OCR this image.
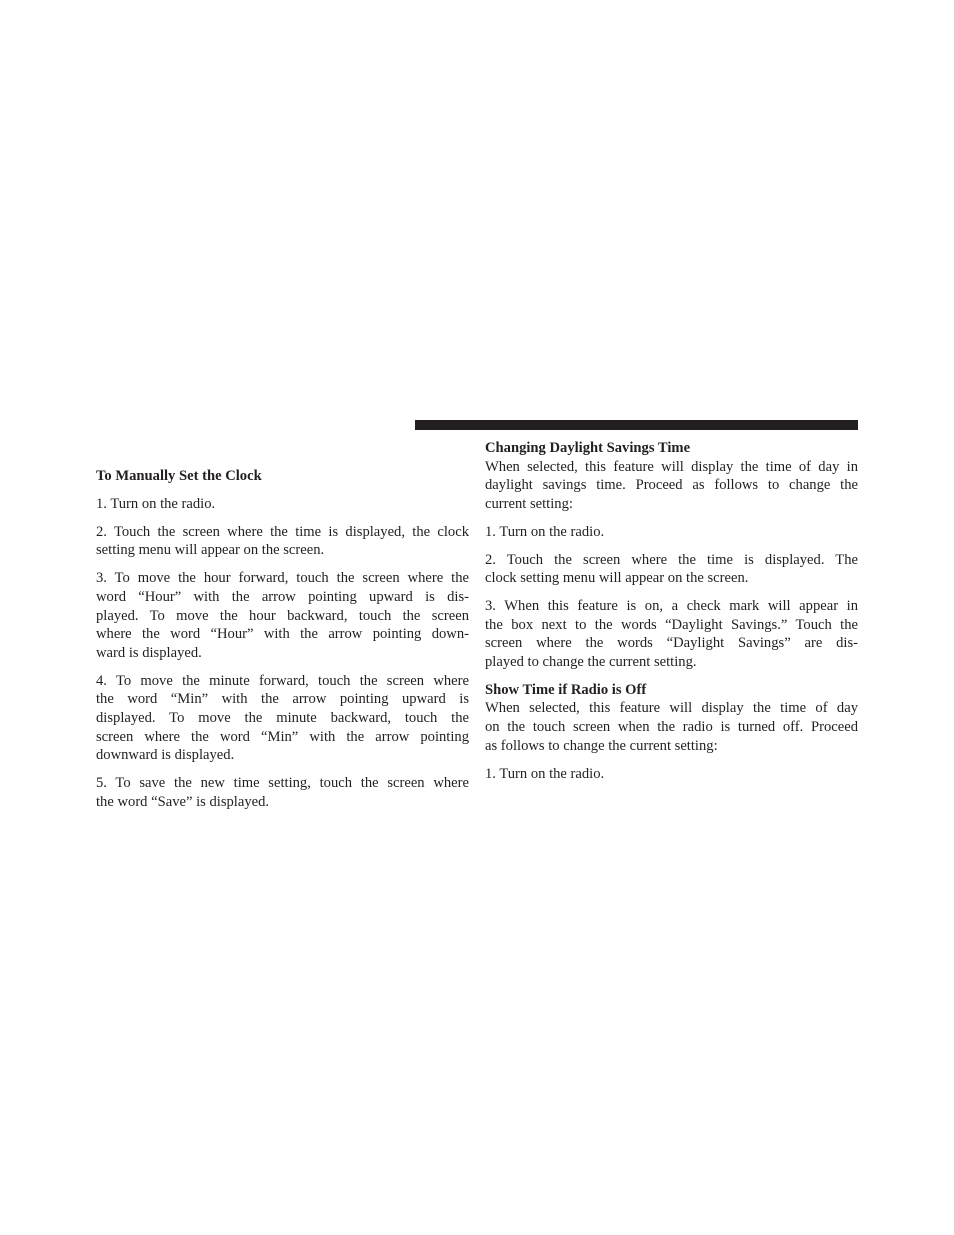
To Manually Set the Clock
1. Turn on the radio.
2. Touch the screen where the time is displayed, the clock
setting menu will appear on the screen.
3. To move the hour forward, touch the screen where the
word “Hour” with the arrow pointing upward is dis-
played. To move the hour backward, touch the screen
where the word “Hour” with the arrow pointing down-
ward is displayed.
4. To move the minute forward, touch the screen where
the word “Min” with the arrow pointing upward is
displayed. To move the minute backward, touch the
screen where the word “Min” with the arrow pointing
downward is displayed.
5. To save the new time setting, touch the screen where
the word “Save” is displayed.
Changing Daylight Savings Time
When selected, this feature will display the time of day in
daylight savings time. Proceed as follows to change the
current setting:
1. Turn on the radio.
2. Touch the screen where the time is displayed. The
clock setting menu will appear on the screen.
3. When this feature is on, a check mark will appear in
the box next to the words “Daylight Savings.” Touch the
screen where the words “Daylight Savings” are dis-
played to change the current setting.
Show Time if Radio is Off
When selected, this feature will display the time of day
on the touch screen when the radio is turned off. Proceed
as follows to change the current setting:
1. Turn on the radio.
